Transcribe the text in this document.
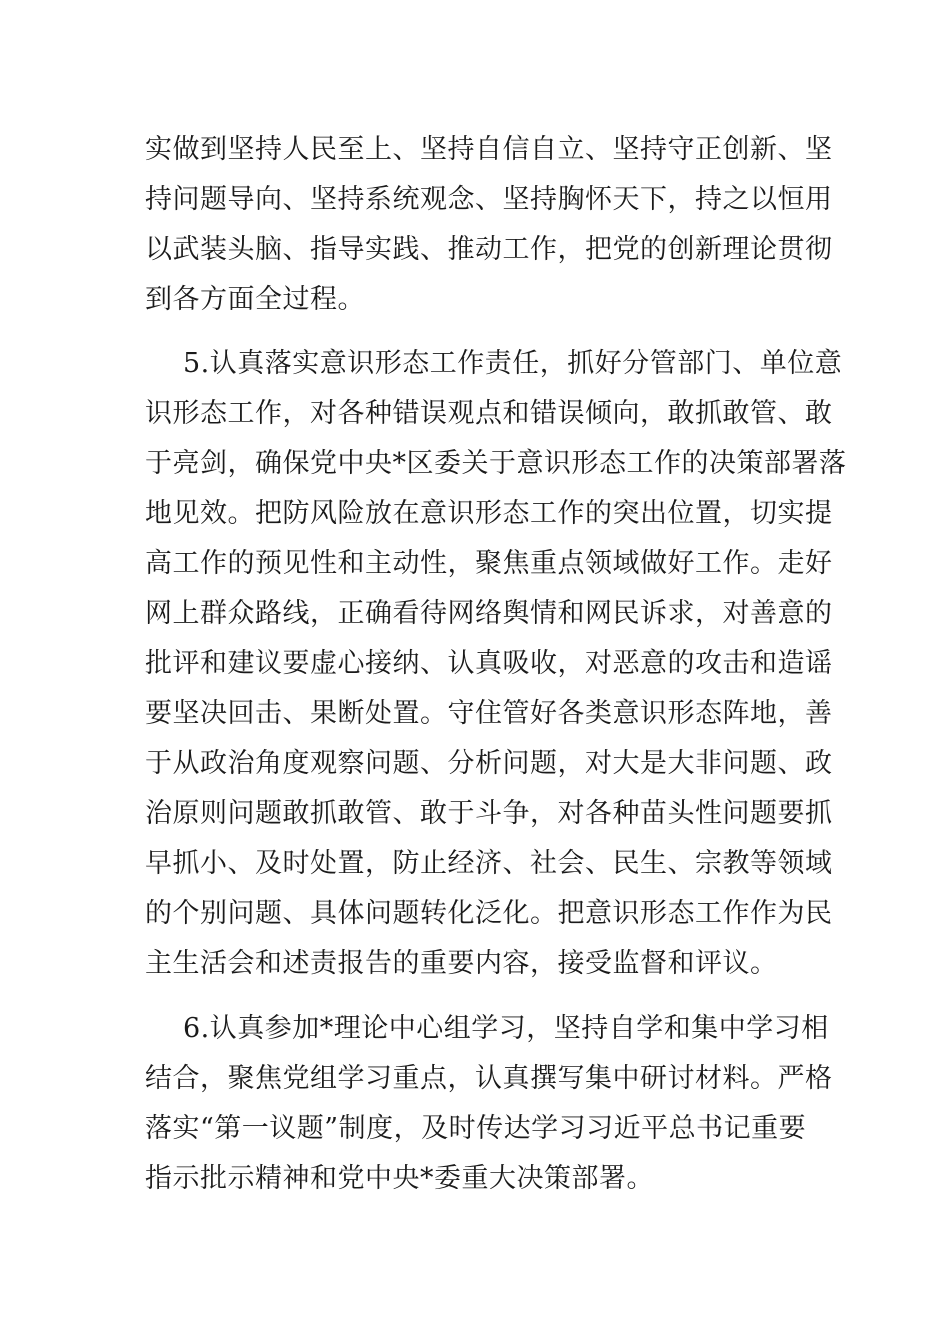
实做到坚持人民至上、坚持自信自立、坚持守正创新、坚
持问题导向、坚持系统观念、坚持胸怀天下，持之以恒用
以武装头脑、指导实践、推动工作，把党的创新理论贯彻
到各方面全过程。
5.认真落实意识形态工作责任，抓好分管部门、单位意
识形态工作，对各种错误观点和错误倾向，敢抓敢管、敢
于亮剑，确保党中央*区委关于意识形态工作的决策部署落
地见效。把防风险放在意识形态工作的突出位置，切实提
高工作的预见性和主动性，聚焦重点领域做好工作。走好
网上群众路线，正确看待网络舆情和网民诉求，对善意的
批评和建议要虚心接纳、认真吸收，对恶意的攻击和造谣
要坚决回击、果断处置。守住管好各类意识形态阵地，善
于从政治角度观察问题、分析问题，对大是大非问题、政
治原则问题敢抓敢管、敢于斗争，对各种苗头性问题要抓
早抓小、及时处置，防止经济、社会、民生、宗教等领域
的个别问题、具体问题转化泛化。把意识形态工作作为民
主生活会和述责报告的重要内容，接受监督和评议。
6.认真参加*理论中心组学习，坚持自学和集中学习相
结合，聚焦党组学习重点，认真撰写集中研讨材料。严格
落实“第一议题”制度，及时传达学习习近平总书记重要
指示批示精神和党中央*委重大决策部署。
